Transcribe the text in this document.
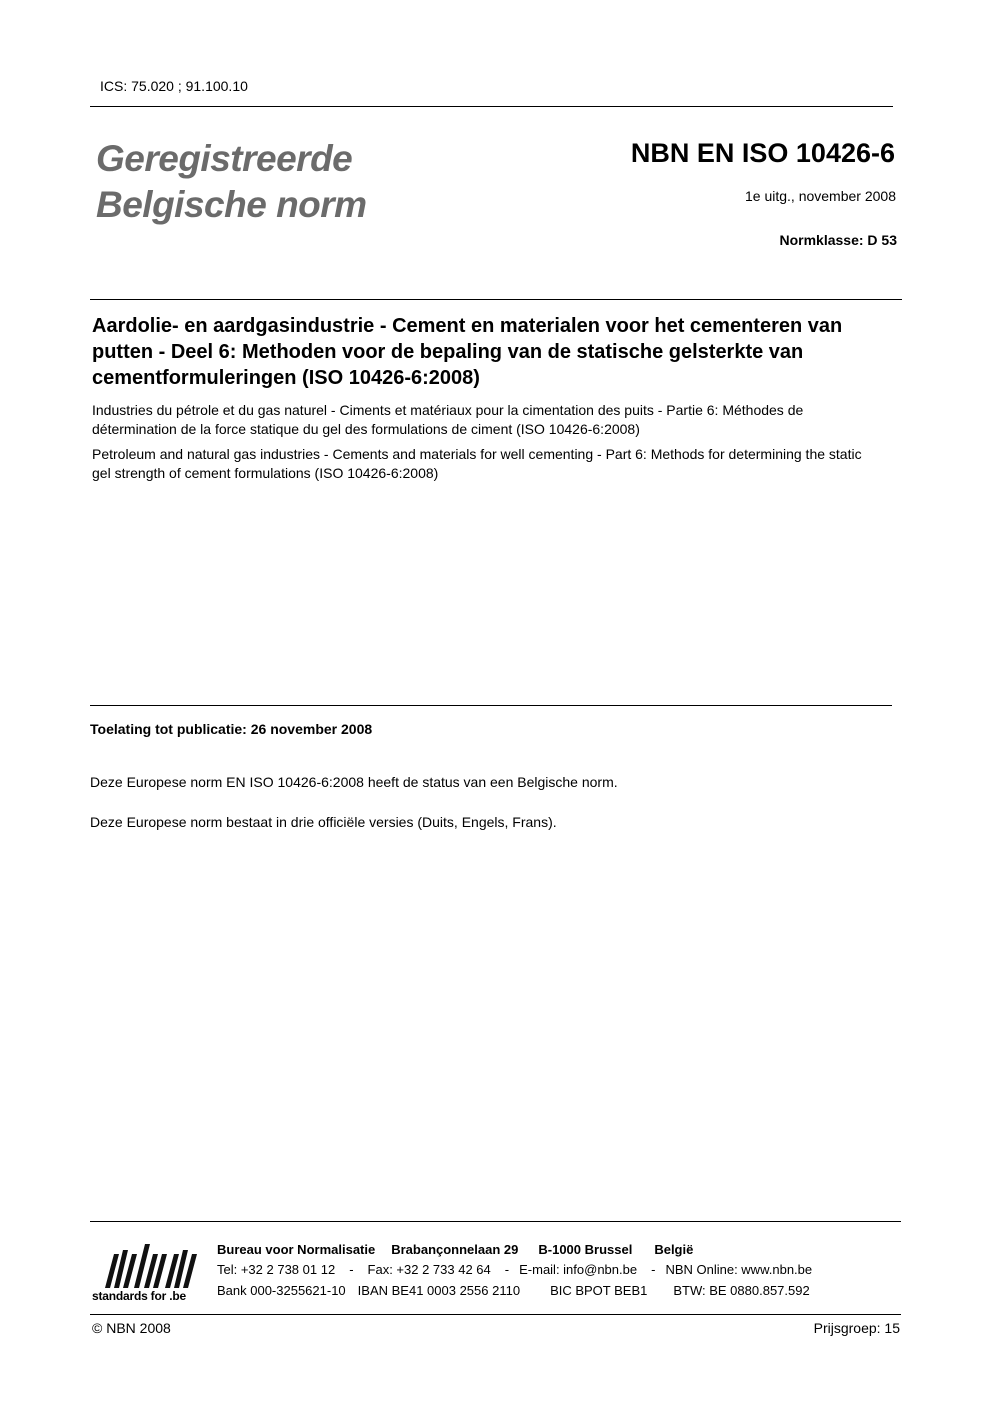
ICS: 75.020 ; 91.100.10
Geregistreerde
Belgische norm
NBN EN ISO 10426-6
1e uitg., november 2008
Normklasse: D 53
Aardolie- en aardgasindustrie - Cement en materialen voor het cementeren van putten - Deel 6: Methoden voor de bepaling van de statische gelsterkte van cementformuleringen (ISO 10426-6:2008)
Industries du pétrole et du gas naturel - Ciments et matériaux pour la cimentation des puits - Partie 6: Méthodes de détermination de la force statique du gel des formulations de ciment (ISO 10426-6:2008)
Petroleum and natural gas industries - Cements and materials for well cementing - Part 6: Methods for determining the static gel strength of cement formulations (ISO 10426-6:2008)
Toelating tot publicatie: 26 november 2008
Deze Europese norm EN ISO 10426-6:2008 heeft de status van een Belgische norm.
Deze Europese norm bestaat in drie officiële versies (Duits, Engels, Frans).
standards for .be
Bureau voor Normalisatie Brabançonnelaan 29 B-1000 Brussel België
Tel: +32 2 738 01 12 - Fax: +32 2 733 42 64 - E-mail: info@nbn.be - NBN Online: www.nbn.be
Bank 000-3255621-10 IBAN BE41 0003 2556 2110 BIC BPOT BEB1 BTW: BE 0880.857.592
© NBN 2008	Prijsgroep: 15
